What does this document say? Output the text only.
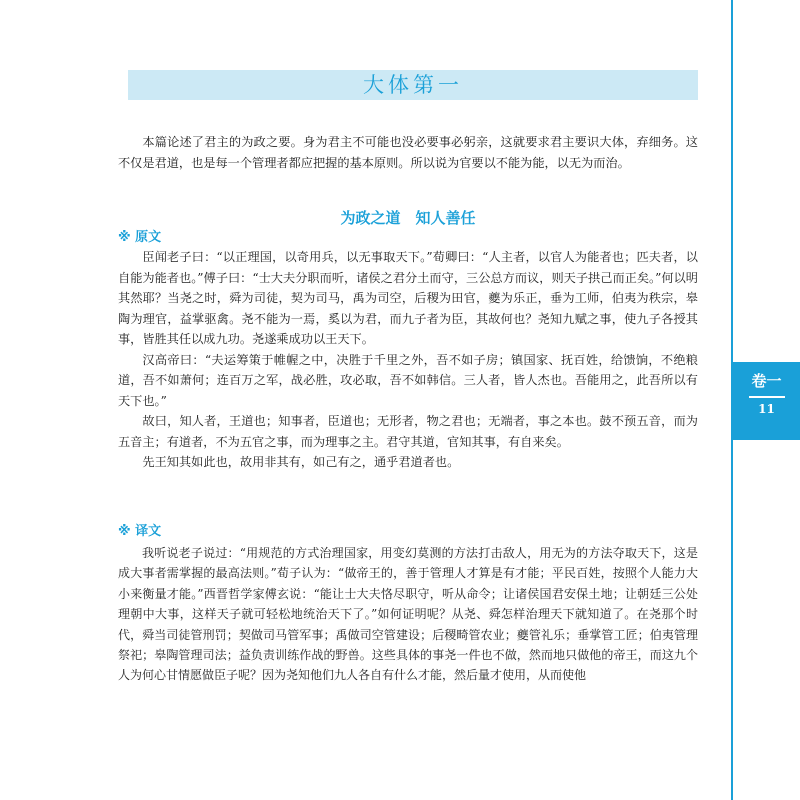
卷一
11
大体第一

本篇论述了君主的为政之要。身为君主不可能也没必要事必躬亲，这就要求君主要识大体，弃细务。这不仅是君道，也是每一个管理者都应把握的基本原则。所以说为官要以不能为能，以无为而治。

为政之道　知人善任
※ 原文

臣闻老子曰：“以正理国，以奇用兵，以无事取天下。”荀卿曰：“人主者，以官人为能者也；匹夫者，以自能为能者也。”傅子曰：“士大夫分职而听，诸侯之君分土而守，三公总方而议，则天子拱己而正矣。”何以明其然耶？当尧之时，舜为司徒，契为司马，禹为司空，后稷为田官，夔为乐正，垂为工师，伯夷为秩宗，皋陶为理官，益掌驱禽。尧不能为一焉，奚以为君，而九子者为臣，其故何也？尧知九赋之事，使九子各授其事，皆胜其任以成九功。尧遂乘成功以王天下。

汉高帝曰：“夫运筹策于帷幄之中，决胜于千里之外，吾不如子房；镇国家、抚百姓，给馈饷，不绝粮道，吾不如萧何；连百万之军，战必胜，攻必取，吾不如韩信。三人者，皆人杰也。吾能用之，此吾所以有天下也。”

故曰，知人者，王道也；知事者，臣道也；无形者，物之君也；无端者，事之本也。鼓不预五音，而为五音主；有道者，不为五官之事，而为理事之主。君守其道，官知其事，有自来矣。

先王知其如此也，故用非其有，如己有之，通乎君道者也。

※ 译文

我听说老子说过：“用规范的方式治理国家，用变幻莫测的方法打击敌人，用无为的方法夺取天下，这是成大事者需掌握的最高法则。”荀子认为：“做帝王的，善于管理人才算是有才能；平民百姓，按照个人能力大小来衡量才能。”西晋哲学家傅玄说：“能让士大夫恪尽职守，听从命令；让诸侯国君安保土地；让朝廷三公处理朝中大事，这样天子就可轻松地统治天下了。”如何证明呢？从尧、舜怎样治理天下就知道了。在尧那个时代，舜当司徒管刑罚；契做司马管军事；禹做司空管建设；后稷畸管农业；夔管礼乐；垂掌管工匠；伯夷管理祭祀；皋陶管理司法；益负责训练作战的野兽。这些具体的事尧一件也不做，然而地只做他的帝王，而这九个人为何心甘情愿做臣子呢？因为尧知他们九人各自有什么才能，然后量才使用，从而使他
